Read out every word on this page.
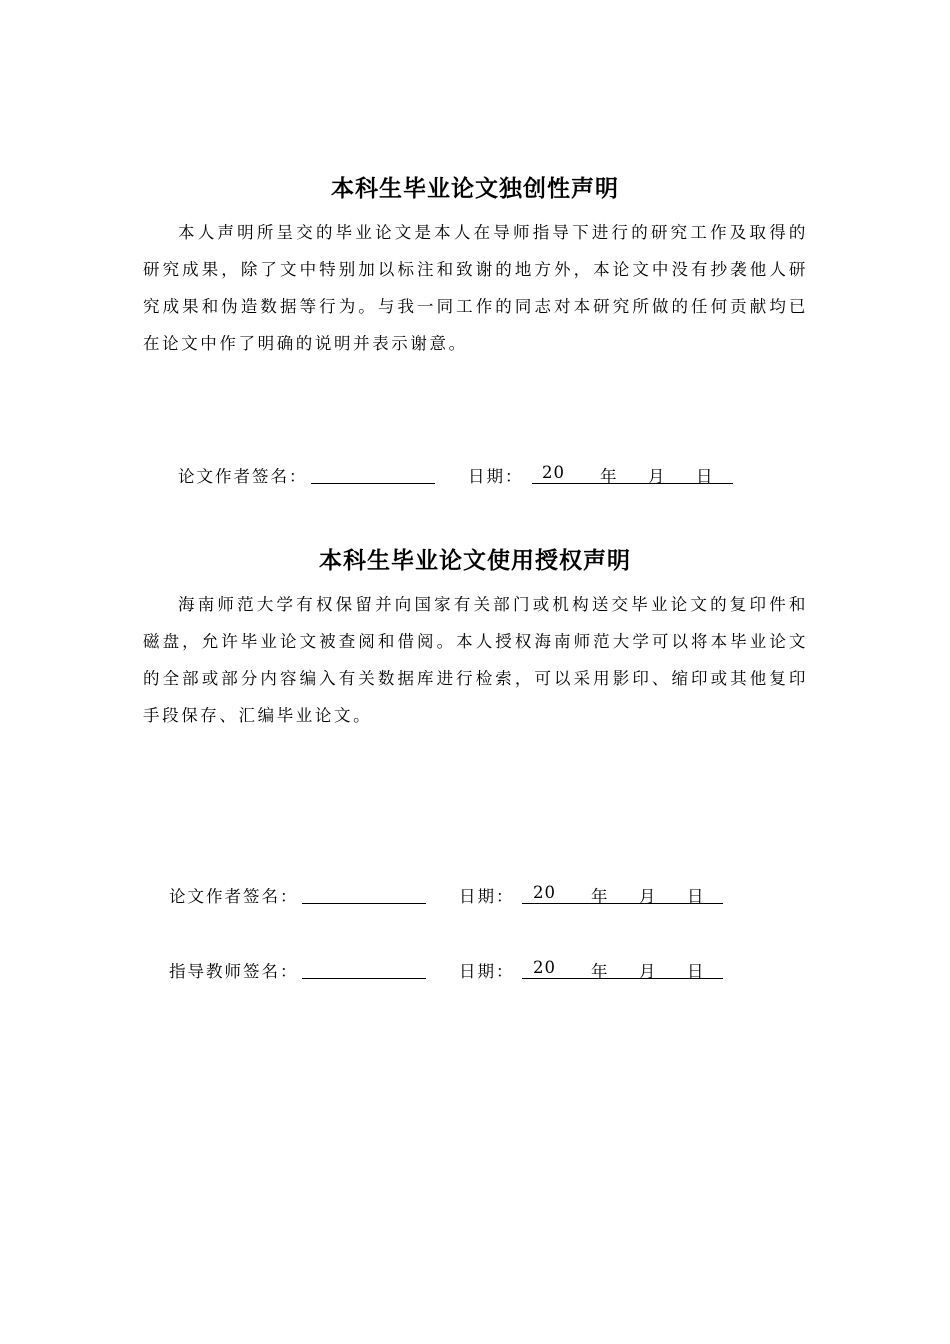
本科生毕业论文独创性声明

本人声明所呈交的毕业论文是本人在导师指导下进行的研究工作及取得的研究成果，除了文中特别加以标注和致谢的地方外，本论文中没有抄袭他人研究成果和伪造数据等行为。与我一同工作的同志对本研究所做的任何贡献均已在论文中作了明确的说明并表示谢意。

论文作者签名：	日期： 20 年 月 日
本科生毕业论文使用授权声明

海南师范大学有权保留并向国家有关部门或机构送交毕业论文的复印件和磁盘，允许毕业论文被查阅和借阅。本人授权海南师范大学可以将本毕业论文的全部或部分内容编入有关数据库进行检索，可以采用影印、缩印或其他复印手段保存、汇编毕业论文。

论文作者签名：	日期： 20 年 月 日
指导教师签名：	日期： 20 年 月 日
